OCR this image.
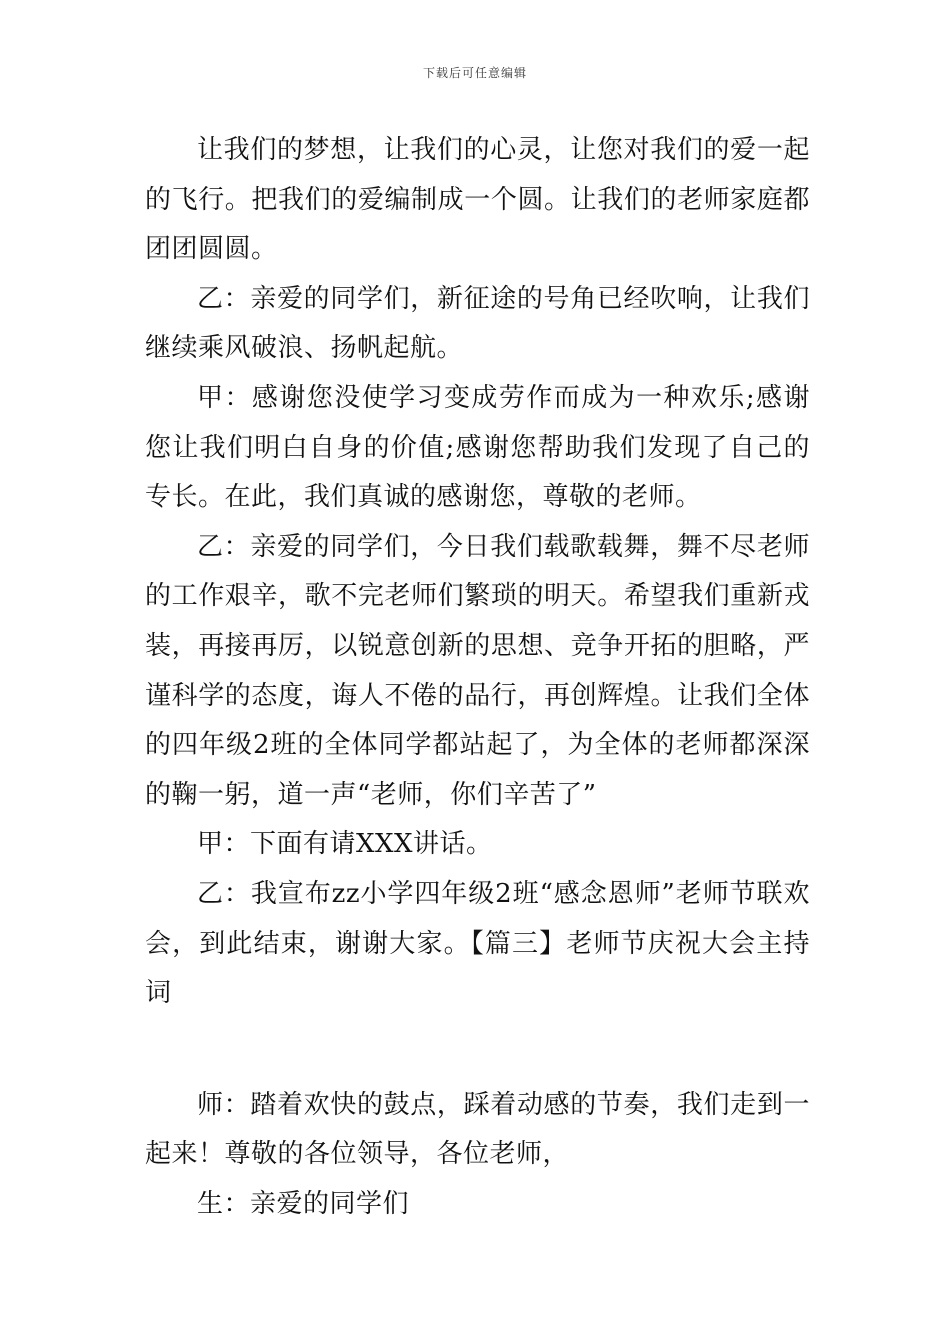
下载后可任意编辑

让我们的梦想，让我们的心灵，让您对我们的爱一起的飞行。把我们的爱编制成一个圆。让我们的老师家庭都团团圆圆。

乙：亲爱的同学们，新征途的号角已经吹响，让我们继续乘风破浪、扬帆起航。

甲：感谢您没使学习变成劳作而成为一种欢乐;感谢您让我们明白自身的价值;感谢您帮助我们发现了自己的专长。在此，我们真诚的感谢您，尊敬的老师。

乙：亲爱的同学们，今日我们载歌载舞，舞不尽老师的工作艰辛，歌不完老师们繁琐的明天。希望我们重新戎装，再接再厉，以锐意创新的思想、竞争开拓的胆略，严谨科学的态度，诲人不倦的品行，再创辉煌。让我们全体的四年级2班的全体同学都站起了，为全体的老师都深深的鞠一躬，道一声“老师，你们辛苦了”

甲：下面有请XXX讲话。

乙：我宣布zz小学四年级2班“感念恩师”老师节联欢会，到此结束，谢谢大家。【篇三】老师节庆祝大会主持词

师：踏着欢快的鼓点，踩着动感的节奏，我们走到一起来！尊敬的各位领导，各位老师，

生：亲爱的同学们
